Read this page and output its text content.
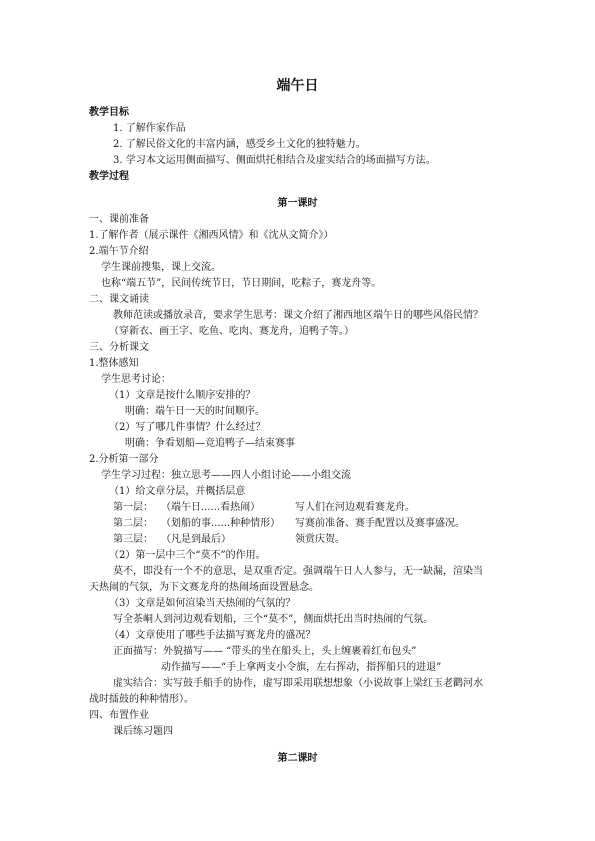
端午日
教学目标
1. 了解作家作品
2. 了解民俗文化的丰富内涵，感受乡土文化的独特魅力。
3. 学习本文运用侧面描写、侧面烘托相结合及虚实结合的场面描写方法。
教学过程
第一课时
一、课前准备
1.了解作者（展示课件《湘西风情》和《沈从文简介》）
2.端午节介绍
学生课前搜集，课上交流。
也称“端五节”，民间传统节日，节日期间，吃粽子，赛龙舟等。
二、课文诵读
教师范读或播放录音，要求学生思考：课文介绍了湘西地区端午日的哪些风俗民情？
（穿新衣、画王字、吃鱼、吃肉、赛龙舟，追鸭子等。）
三、分析课文
1.整体感知
学生思考讨论：
（1）文章是按什么顺序安排的？
明确：端午日一天的时间顺序。
（2）写了哪几件事情？什么经过？
明确：争看划船—竞追鸭子—结束赛事
2.分析第一部分
学生学习过程：独立思考——四人小组讨论——小组交流
（1）给文章分层，并概括层意
第一层： （端午日......看热闹）	写人们在河边观看赛龙舟。
第二层： （划船的事......种种情形） 写赛前准备、赛手配置以及赛事盛况。
第三层： （凡是到最后）	领赏庆贺。
（2）第一层中三个“莫不”的作用。
莫不，即没有一个不的意思，是双重否定。强调端午日人人参与，无一缺漏，渲染当
天热闹的气氛，为下文赛龙舟的热闹场面设置悬念。
（3）文章是如何渲染当天热闹的气氛的？
写全茶峒人到河边观看划船，三个“莫不”，侧面烘托出当时热闹的气氛。
（4）文章使用了哪些手法描写赛龙舟的盛况？
正面描写：外貌描写—— “带头的坐在船头上，头上缠裹着红布包头”
动作描写——“手上拿两支小令旗，左右挥动，指挥船只的进退”
虚实结合：实写鼓手船手的协作，虚写即采用联想想象（小说故事上梁红玉老鹳河水
战时擂鼓的种种情形）。
四、布置作业
课后练习题四
第二课时
